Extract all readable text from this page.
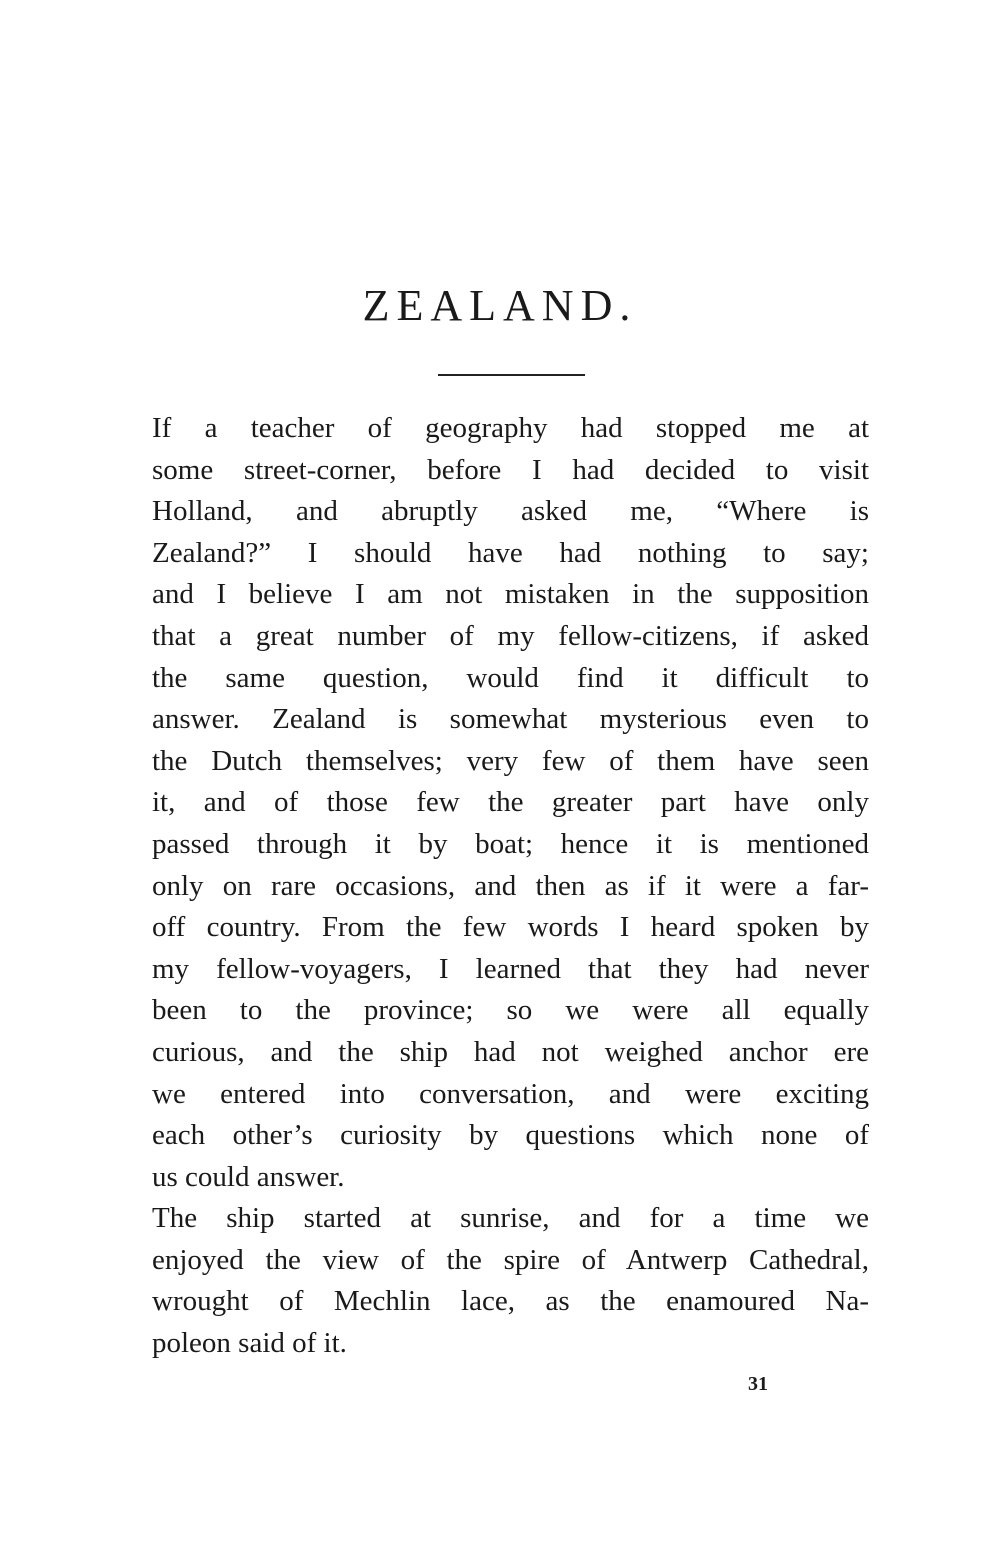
ZEALAND.

If a teacher of geography had stopped me at
some street-corner, before I had decided to visit
Holland, and abruptly asked me, “Where is
Zealand?” I should have had nothing to say;
and I believe I am not mistaken in the supposition
that a great number of my fellow-citizens, if asked
the same question, would find it difficult to
answer. Zealand is somewhat mysterious even to
the Dutch themselves; very few of them have seen
it, and of those few the greater part have only
passed through it by boat; hence it is mentioned
only on rare occasions, and then as if it were a far-
off country. From the few words I heard spoken by
my fellow-voyagers, I learned that they had never
been to the province; so we were all equally
curious, and the ship had not weighed anchor ere
we entered into conversation, and were exciting
each other’s curiosity by questions which none of
us could answer.

The ship started at sunrise, and for a time we
enjoyed the view of the spire of Antwerp Cathedral,
wrought of Mechlin lace, as the enamoured Na-
poleon said of it.

31
